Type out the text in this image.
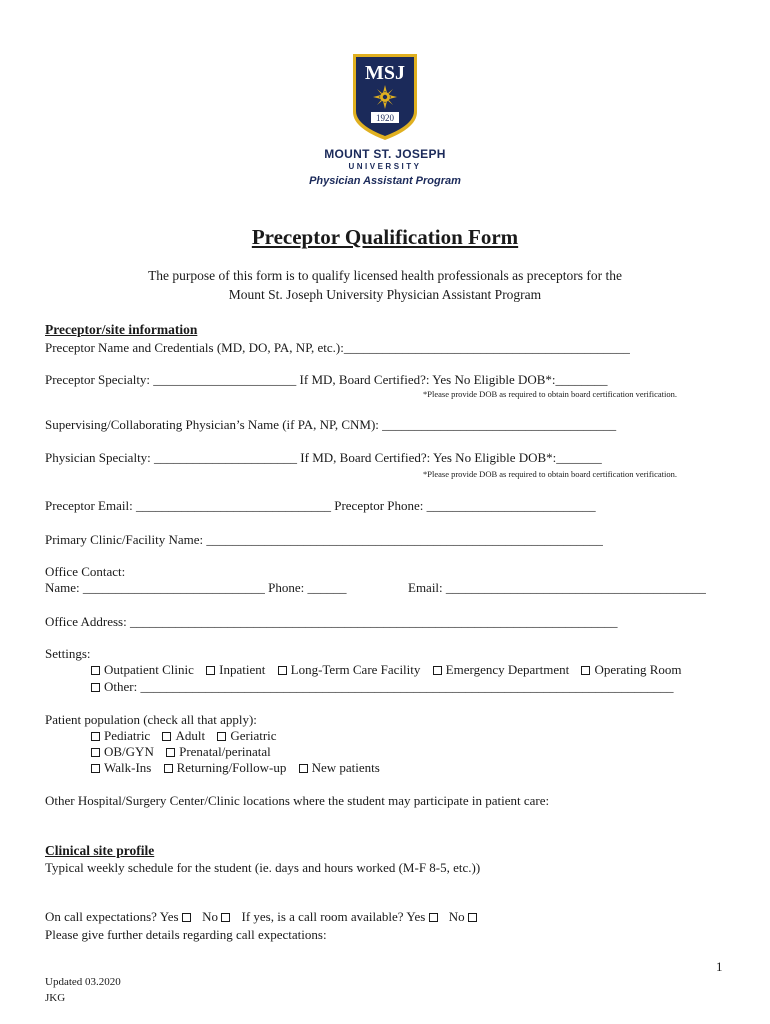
MSJ
1920
MOUNT ST. JOSEPH
UNIVERSITY
Physician Assistant Program
Preceptor Qualification Form
The purpose of this form is to qualify licensed health professionals as preceptors for the
Mount St. Joseph University Physician Assistant Program
Preceptor/site information
Preceptor Name and Credentials (MD, DO, PA, NP, etc.):____________________________________________
Preceptor Specialty: ______________________ If MD, Board Certified?: Yes No Eligible DOB*:________
*Please provide DOB as required to obtain board certification verification.
Supervising/Collaborating Physician’s Name (if PA, NP, CNM): ____________________________________
Physician Specialty: ______________________ If MD, Board Certified?: Yes No Eligible DOB*:_______
*Please provide DOB as required to obtain board certification verification.
Preceptor Email: ______________________________ Preceptor Phone: __________________________
Primary Clinic/Facility Name: _____________________________________________________________
Office Contact:
Name: ____________________________ Phone: ______	Email: ________________________________________
Office Address: ___________________________________________________________________________
Settings:
Outpatient Clinic Inpatient Long-Term Care Facility Emergency Department Operating Room
Other: __________________________________________________________________________________
Patient population (check all that apply):
Pediatric Adult Geriatric
OB/GYN Prenatal/perinatal
Walk-Ins Returning/Follow-up New patients
Other Hospital/Surgery Center/Clinic locations where the student may participate in patient care:
Clinical site profile
Typical weekly schedule for the student (ie. days and hours worked (M-F 8-5, etc.))
On call expectations? Yes No If yes, is a call room available? Yes No
Please give further details regarding call expectations:
1
Updated 03.2020
JKG
